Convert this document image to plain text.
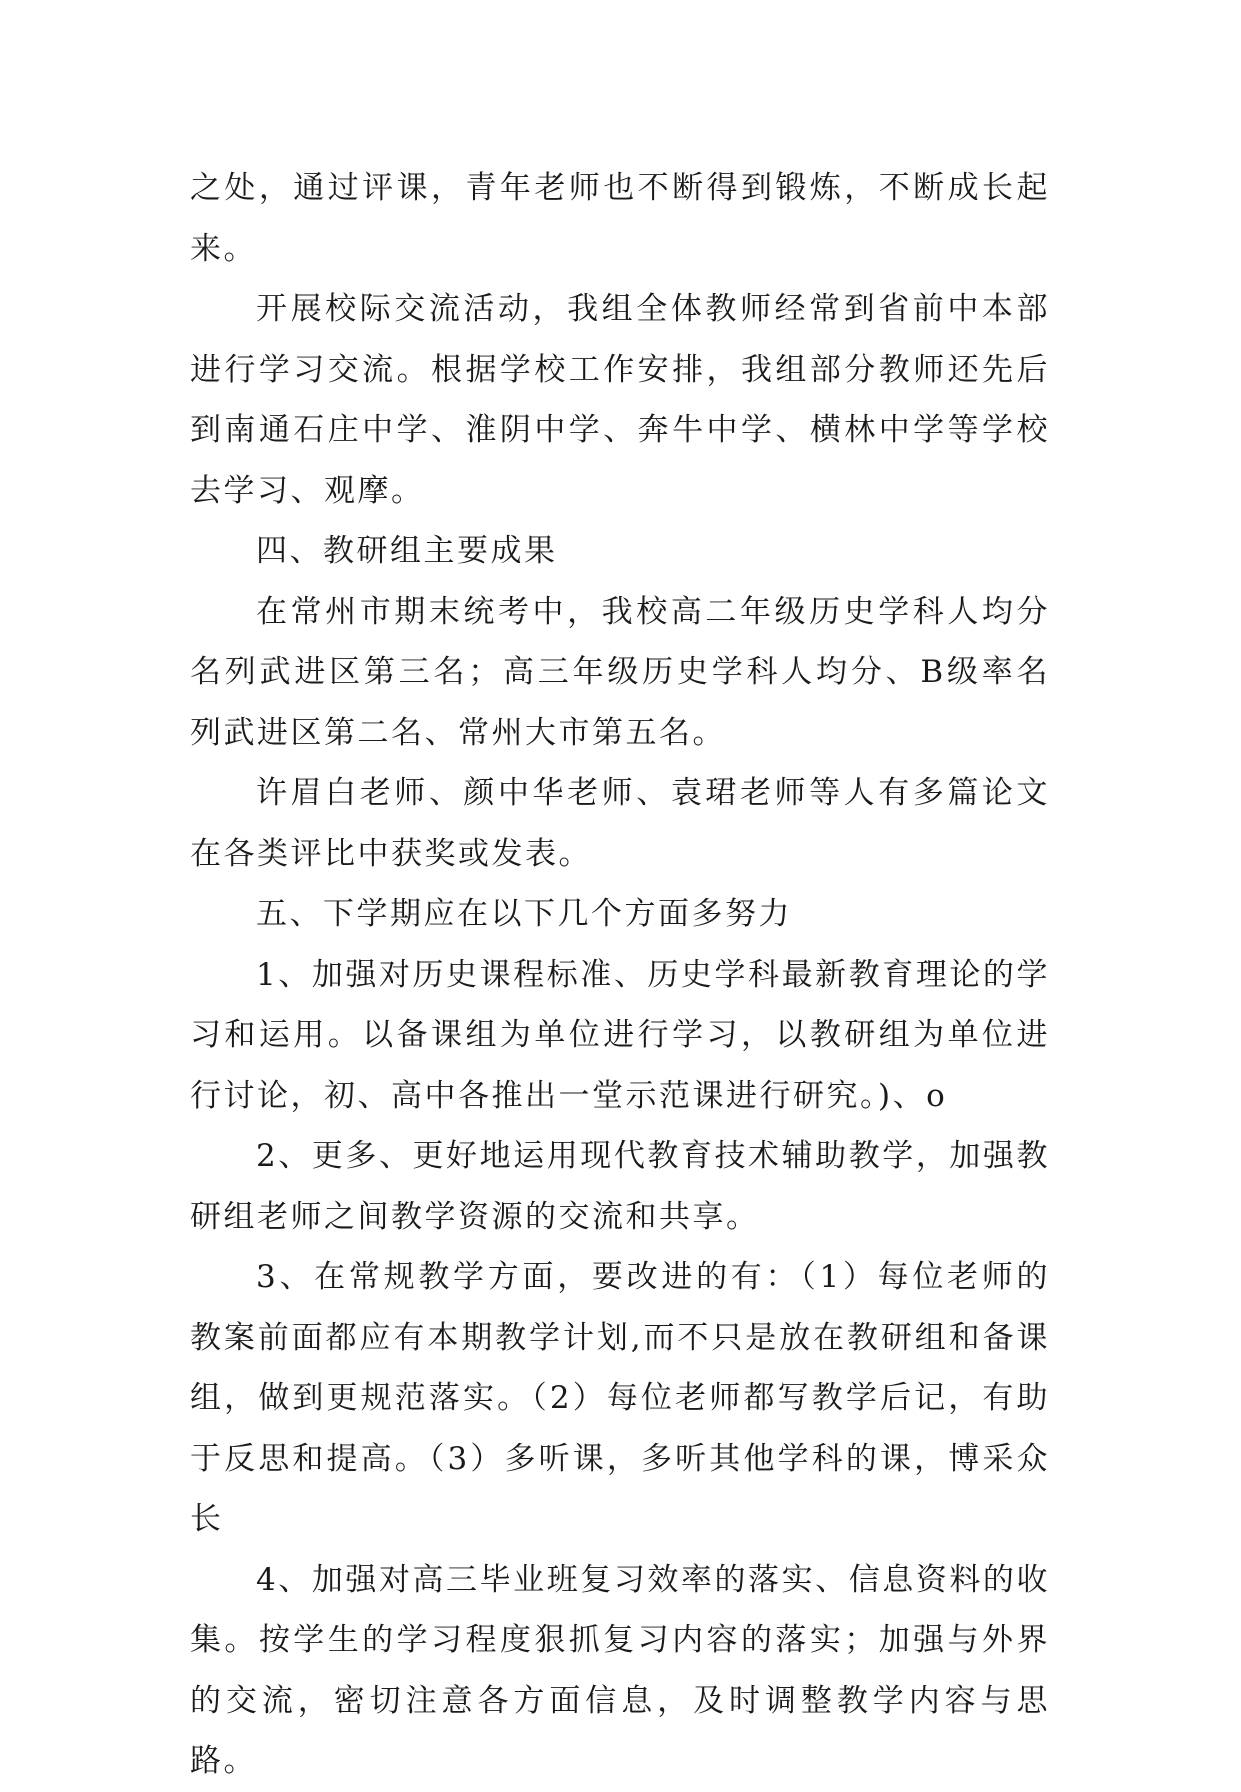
之处，通过评课，青年老师也不断得到锻炼，不断成长起来。

开展校际交流活动，我组全体教师经常到省前中本部进行学习交流。根据学校工作安排，我组部分教师还先后到南通石庄中学、淮阴中学、奔牛中学、横林中学等学校去学习、观摩。

四、教研组主要成果

在常州市期末统考中，我校高二年级历史学科人均分名列武进区第三名；高三年级历史学科人均分、B级率名列武进区第二名、常州大市第五名。

许眉白老师、颜中华老师、袁珺老师等人有多篇论文在各类评比中获奖或发表。

五、下学期应在以下几个方面多努力

1、加强对历史课程标准、历史学科最新教育理论的学习和运用。以备课组为单位进行学习，以教研组为单位进行讨论，初、高中各推出一堂示范课进行研究。)、o

2、更多、更好地运用现代教育技术辅助教学，加强教研组老师之间教学资源的交流和共享。

3、在常规教学方面，要改进的有：（1）每位老师的教案前面都应有本期教学计划,而不只是放在教研组和备课组，做到更规范落实。（2）每位老师都写教学后记，有助于反思和提高。（3）多听课，多听其他学科的课，博采众长

4、加强对高三毕业班复习效率的落实、信息资料的收集。按学生的学习程度狠抓复习内容的落实；加强与外界的交流，密切注意各方面信息，及时调整教学内容与思路。
